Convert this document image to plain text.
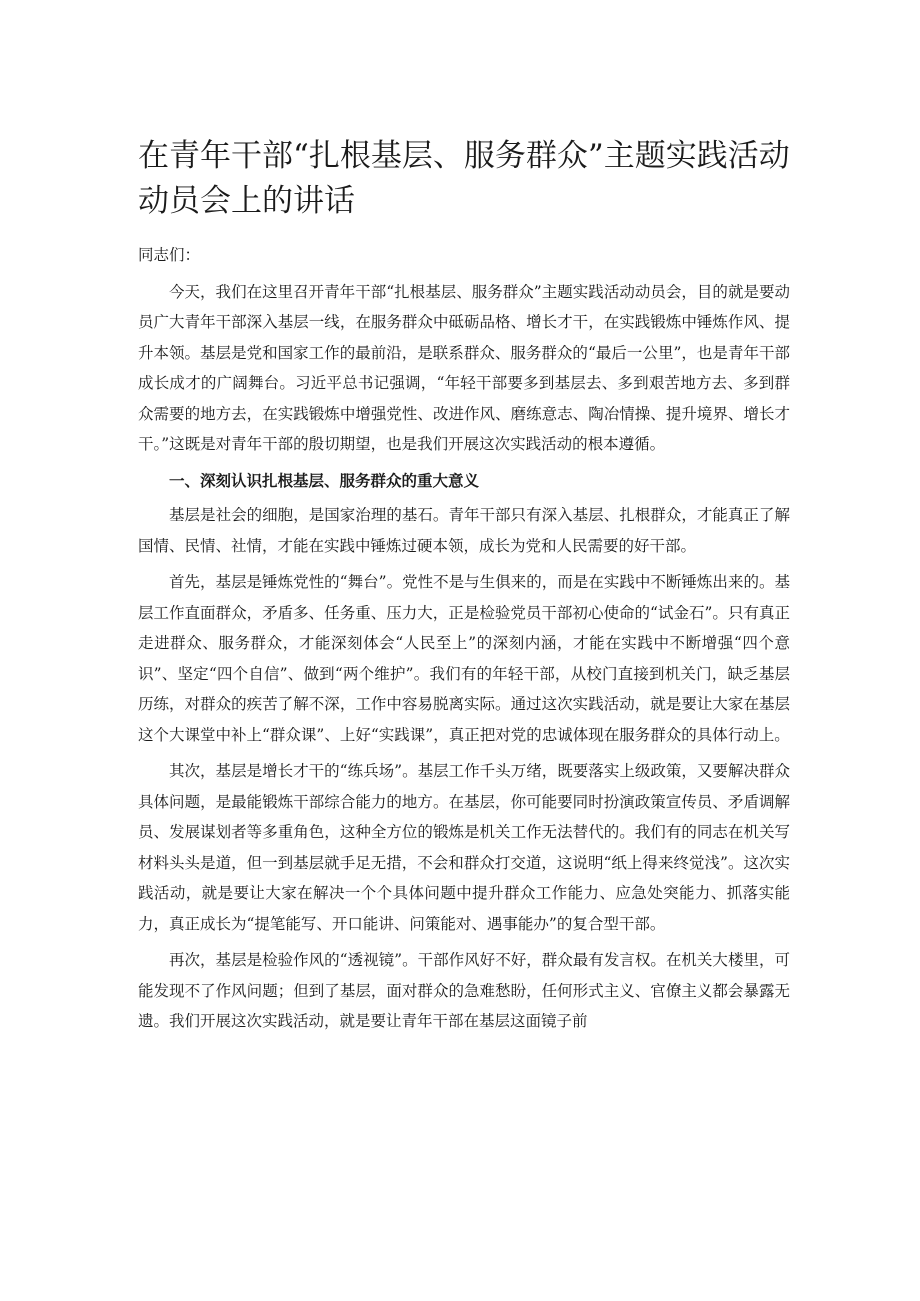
在青年干部“扎根基层、服务群众”主题实践活动动员会上的讲话

同志们：

今天，我们在这里召开青年干部“扎根基层、服务群众”主题实践活动动员会，目的就是要动员广大青年干部深入基层一线，在服务群众中砥砺品格、增长才干，在实践锻炼中锤炼作风、提升本领。基层是党和国家工作的最前沿，是联系群众、服务群众的“最后一公里”，也是青年干部成长成才的广阔舞台。习近平总书记强调，“年轻干部要多到基层去、多到艰苦地方去、多到群众需要的地方去，在实践锻炼中增强党性、改进作风、磨练意志、陶冶情操、提升境界、增长才干。”这既是对青年干部的殷切期望，也是我们开展这次实践活动的根本遵循。

一、深刻认识扎根基层、服务群众的重大意义

基层是社会的细胞，是国家治理的基石。青年干部只有深入基层、扎根群众，才能真正了解国情、民情、社情，才能在实践中锤炼过硬本领，成长为党和人民需要的好干部。

首先，基层是锤炼党性的“舞台”。党性不是与生俱来的，而是在实践中不断锤炼出来的。基层工作直面群众，矛盾多、任务重、压力大，正是检验党员干部初心使命的“试金石”。只有真正走进群众、服务群众，才能深刻体会“人民至上”的深刻内涵，才能在实践中不断增强“四个意识”、坚定“四个自信”、做到“两个维护”。我们有的年轻干部，从校门直接到机关门，缺乏基层历练，对群众的疾苦了解不深，工作中容易脱离实际。通过这次实践活动，就是要让大家在基层这个大课堂中补上“群众课”、上好“实践课”，真正把对党的忠诚体现在服务群众的具体行动上。

其次，基层是增长才干的“练兵场”。基层工作千头万绪，既要落实上级政策，又要解决群众具体问题，是最能锻炼干部综合能力的地方。在基层，你可能要同时扮演政策宣传员、矛盾调解员、发展谋划者等多重角色，这种全方位的锻炼是机关工作无法替代的。我们有的同志在机关写材料头头是道，但一到基层就手足无措，不会和群众打交道，这说明“纸上得来终觉浅”。这次实践活动，就是要让大家在解决一个个具体问题中提升群众工作能力、应急处突能力、抓落实能力，真正成长为“提笔能写、开口能讲、问策能对、遇事能办”的复合型干部。

再次，基层是检验作风的“透视镜”。干部作风好不好，群众最有发言权。在机关大楼里，可能发现不了作风问题；但到了基层，面对群众的急难愁盼，任何形式主义、官僚主义都会暴露无遗。我们开展这次实践活动，就是要让青年干部在基层这面镜子前
